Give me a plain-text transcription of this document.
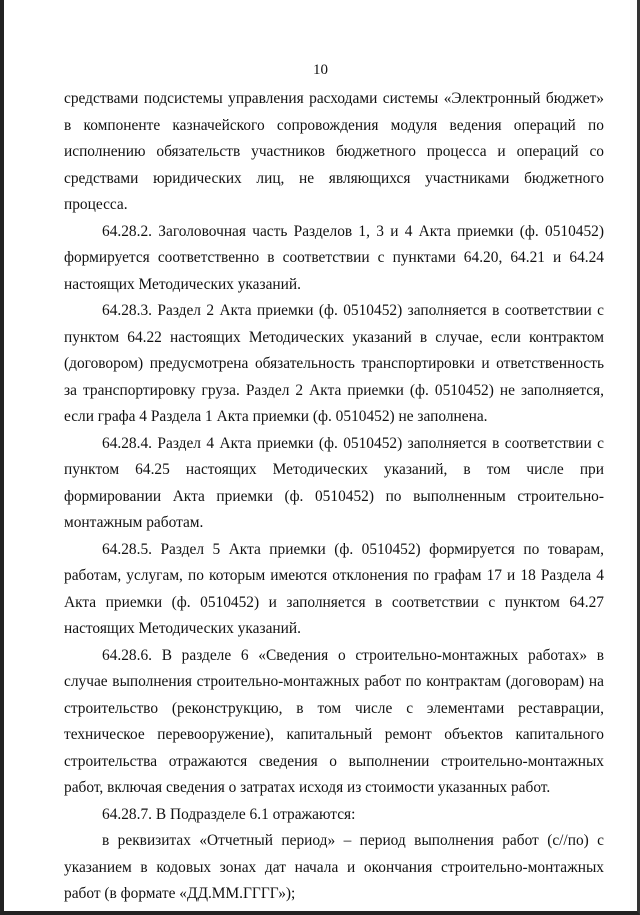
10

средствами подсистемы управления расходами системы «Электронный бюджет» в компоненте казначейского сопровождения модуля ведения операций по исполнению обязательств участников бюджетного процесса и операций со средствами юридических лиц, не являющихся участниками бюджетного процесса.

64.28.2. Заголовочная часть Разделов 1, 3 и 4 Акта приемки (ф. 0510452) формируется соответственно в соответствии с пунктами 64.20, 64.21 и 64.24 настоящих Методических указаний.

64.28.3. Раздел 2 Акта приемки (ф. 0510452) заполняется в соответствии с пунктом 64.22 настоящих Методических указаний в случае, если контрактом (договором) предусмотрена обязательность транспортировки и ответственность за транспортировку груза. Раздел 2 Акта приемки (ф. 0510452) не заполняется, если графа 4 Раздела 1 Акта приемки (ф. 0510452) не заполнена.

64.28.4. Раздел 4 Акта приемки (ф. 0510452) заполняется в соответствии с пунктом 64.25 настоящих Методических указаний, в том числе при формировании Акта приемки (ф. 0510452) по выполненным строительно-монтажным работам.

64.28.5. Раздел 5 Акта приемки (ф. 0510452) формируется по товарам, работам, услугам, по которым имеются отклонения по графам 17 и 18 Раздела 4 Акта приемки (ф. 0510452) и заполняется в соответствии с пунктом 64.27 настоящих Методических указаний.

64.28.6. В разделе 6 «Сведения о строительно-монтажных работах» в случае выполнения строительно-монтажных работ по контрактам (договорам) на строительство (реконструкцию, в том числе с элементами реставрации, техническое перевооружение), капитальный ремонт объектов капитального строительства отражаются сведения о выполнении строительно-монтажных работ, включая сведения о затратах исходя из стоимости указанных работ.

64.28.7. В Подразделе 6.1 отражаются:

в реквизитах «Отчетный период» – период выполнения работ (с//по) с указанием в кодовых зонах дат начала и окончания строительно-монтажных работ (в формате «ДД.ММ.ГГГГ»);
